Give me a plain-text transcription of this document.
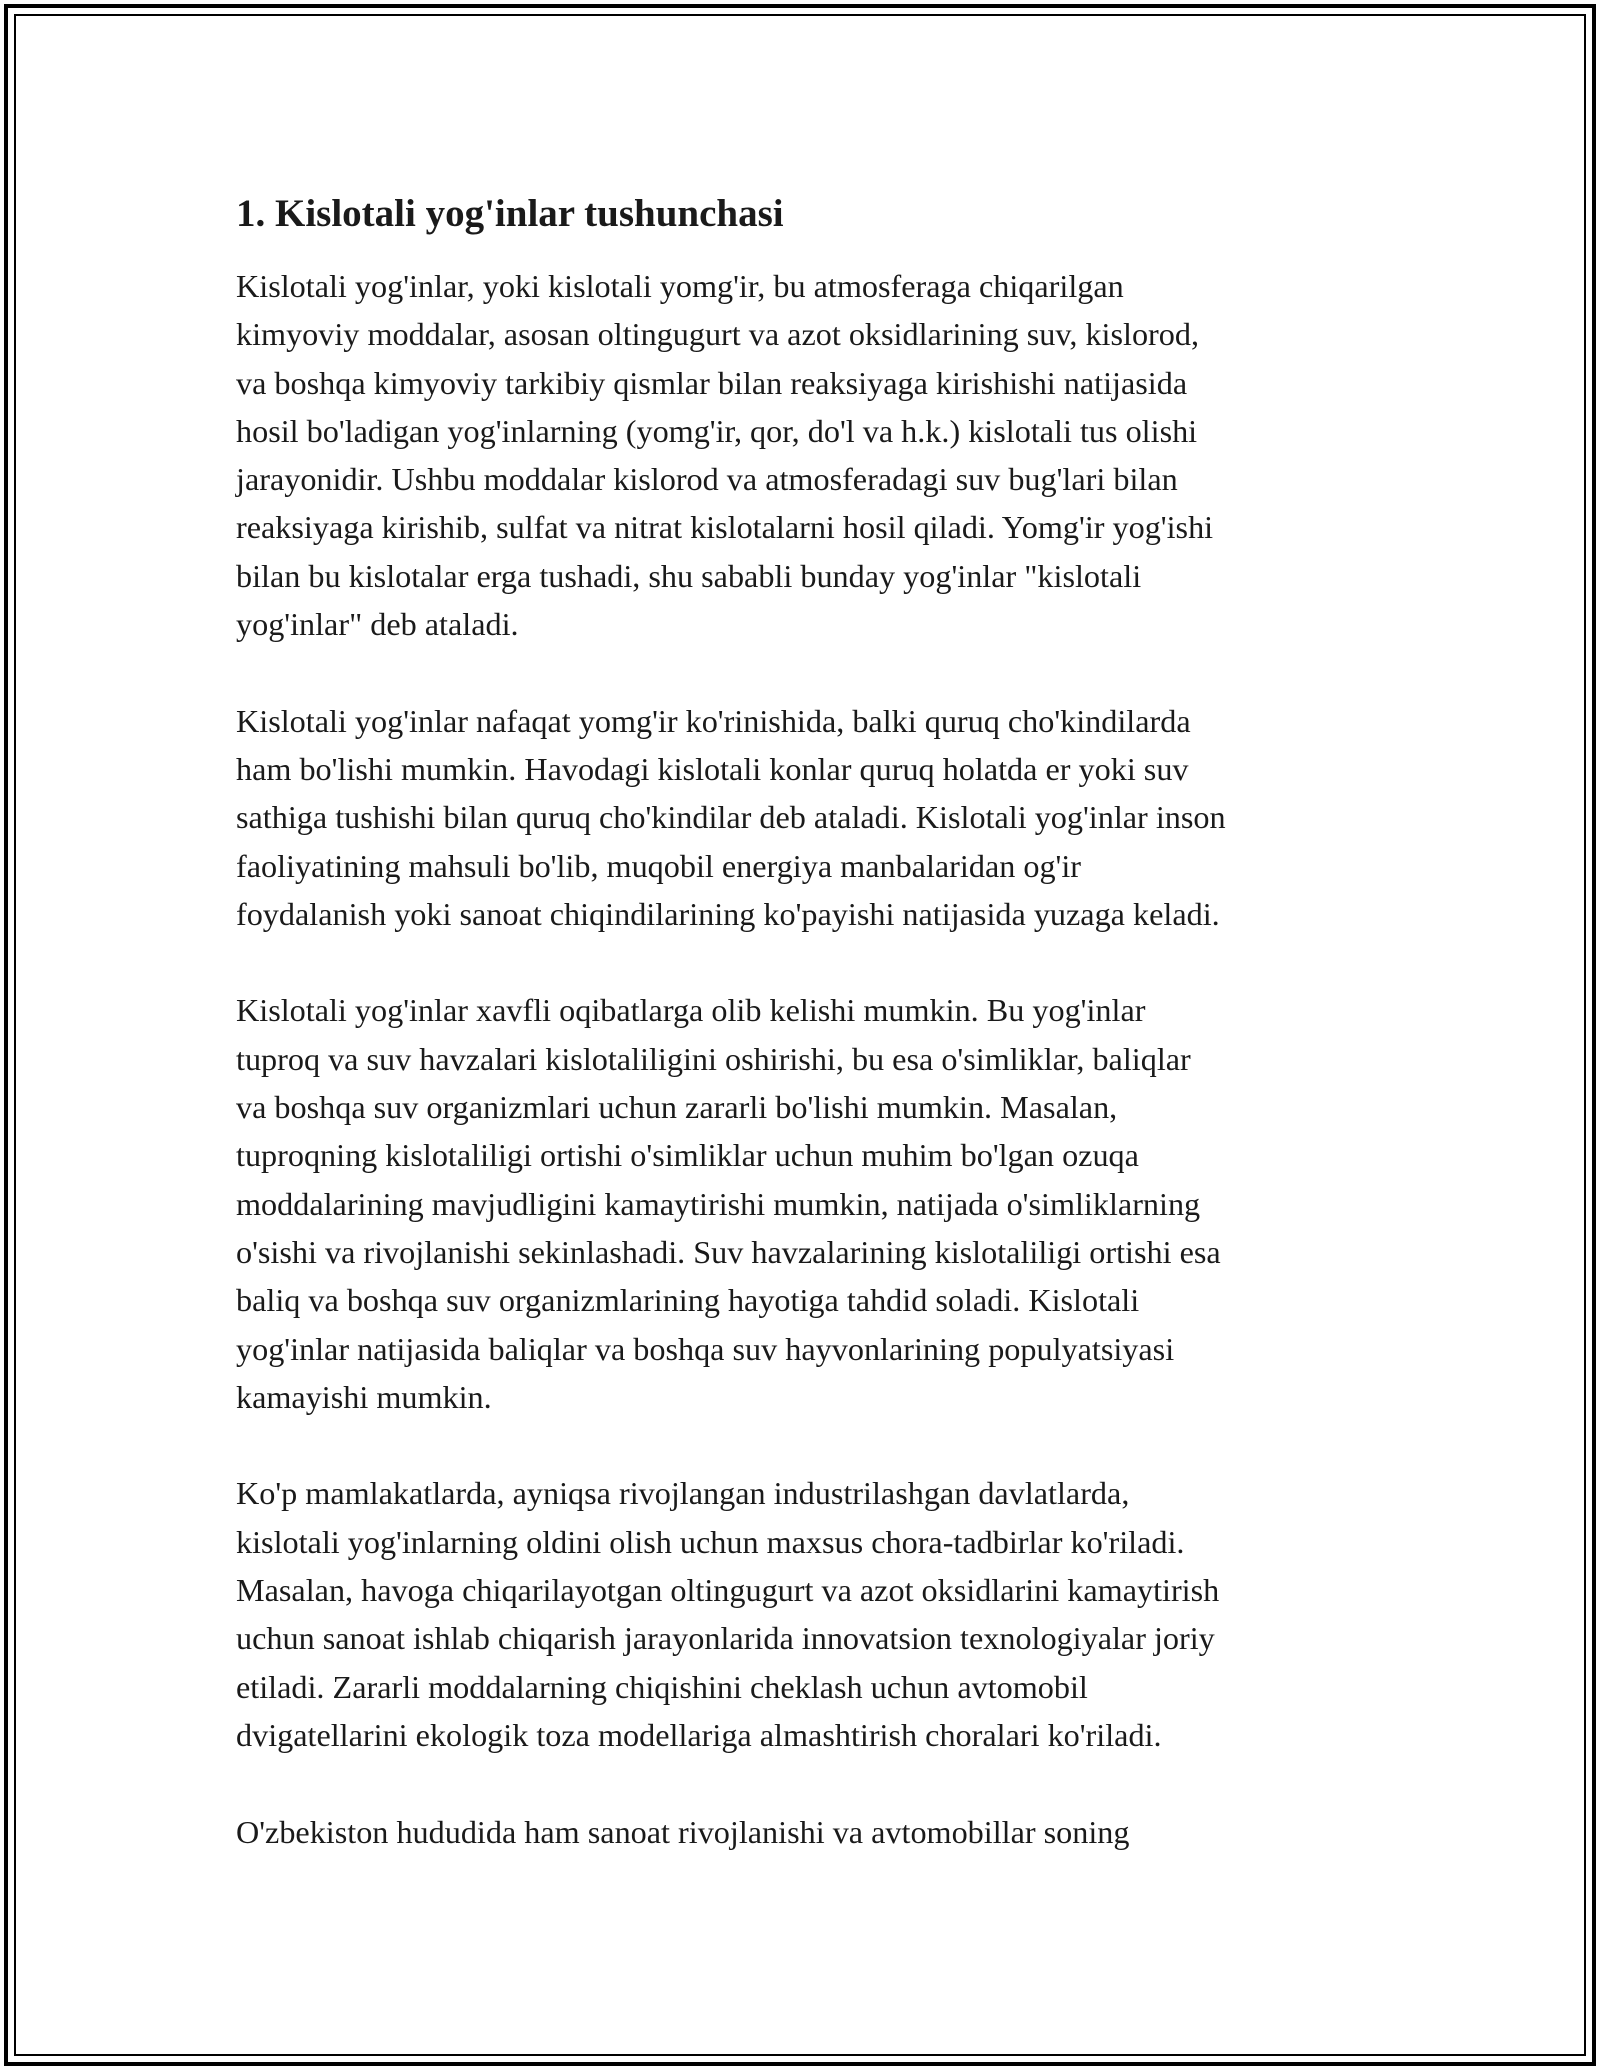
1. Kislotali yog'inlar tushunchasi

Kislotali yog'inlar, yoki kislotali yomg'ir, bu atmosferaga chiqarilgan
kimyoviy moddalar, asosan oltingugurt va azot oksidlarining suv, kislorod,
va boshqa kimyoviy tarkibiy qismlar bilan reaksiyaga kirishishi natijasida
hosil bo'ladigan yog'inlarning (yomg'ir, qor, do'l va h.k.) kislotali tus olishi
jarayonidir. Ushbu moddalar kislorod va atmosferadagi suv bug'lari bilan
reaksiyaga kirishib, sulfat va nitrat kislotalarni hosil qiladi. Yomg'ir yog'ishi
bilan bu kislotalar erga tushadi, shu sababli bunday yog'inlar "kislotali
yog'inlar" deb ataladi.

Kislotali yog'inlar nafaqat yomg'ir ko'rinishida, balki quruq cho'kindilarda
ham bo'lishi mumkin. Havodagi kislotali konlar quruq holatda er yoki suv
sathiga tushishi bilan quruq cho'kindilar deb ataladi. Kislotali yog'inlar inson
faoliyatining mahsuli bo'lib, muqobil energiya manbalaridan og'ir
foydalanish yoki sanoat chiqindilarining ko'payishi natijasida yuzaga keladi.

Kislotali yog'inlar xavfli oqibatlarga olib kelishi mumkin. Bu yog'inlar
tuproq va suv havzalari kislotaliligini oshirishi, bu esa o'simliklar, baliqlar
va boshqa suv organizmlari uchun zararli bo'lishi mumkin. Masalan,
tuproqning kislotaliligi ortishi o'simliklar uchun muhim bo'lgan ozuqa
moddalarining mavjudligini kamaytirishi mumkin, natijada o'simliklarning
o'sishi va rivojlanishi sekinlashadi. Suv havzalarining kislotaliligi ortishi esa
baliq va boshqa suv organizmlarining hayotiga tahdid soladi. Kislotali
yog'inlar natijasida baliqlar va boshqa suv hayvonlarining populyatsiyasi
kamayishi mumkin.

Ko'p mamlakatlarda, ayniqsa rivojlangan industrilashgan davlatlarda,
kislotali yog'inlarning oldini olish uchun maxsus chora-tadbirlar ko'riladi.
Masalan, havoga chiqarilayotgan oltingugurt va azot oksidlarini kamaytirish
uchun sanoat ishlab chiqarish jarayonlarida innovatsion texnologiyalar joriy
etiladi. Zararli moddalarning chiqishini cheklash uchun avtomobil
dvigatellarini ekologik toza modellariga almashtirish choralari ko'riladi.

O'zbekiston hududida ham sanoat rivojlanishi va avtomobillar soning
